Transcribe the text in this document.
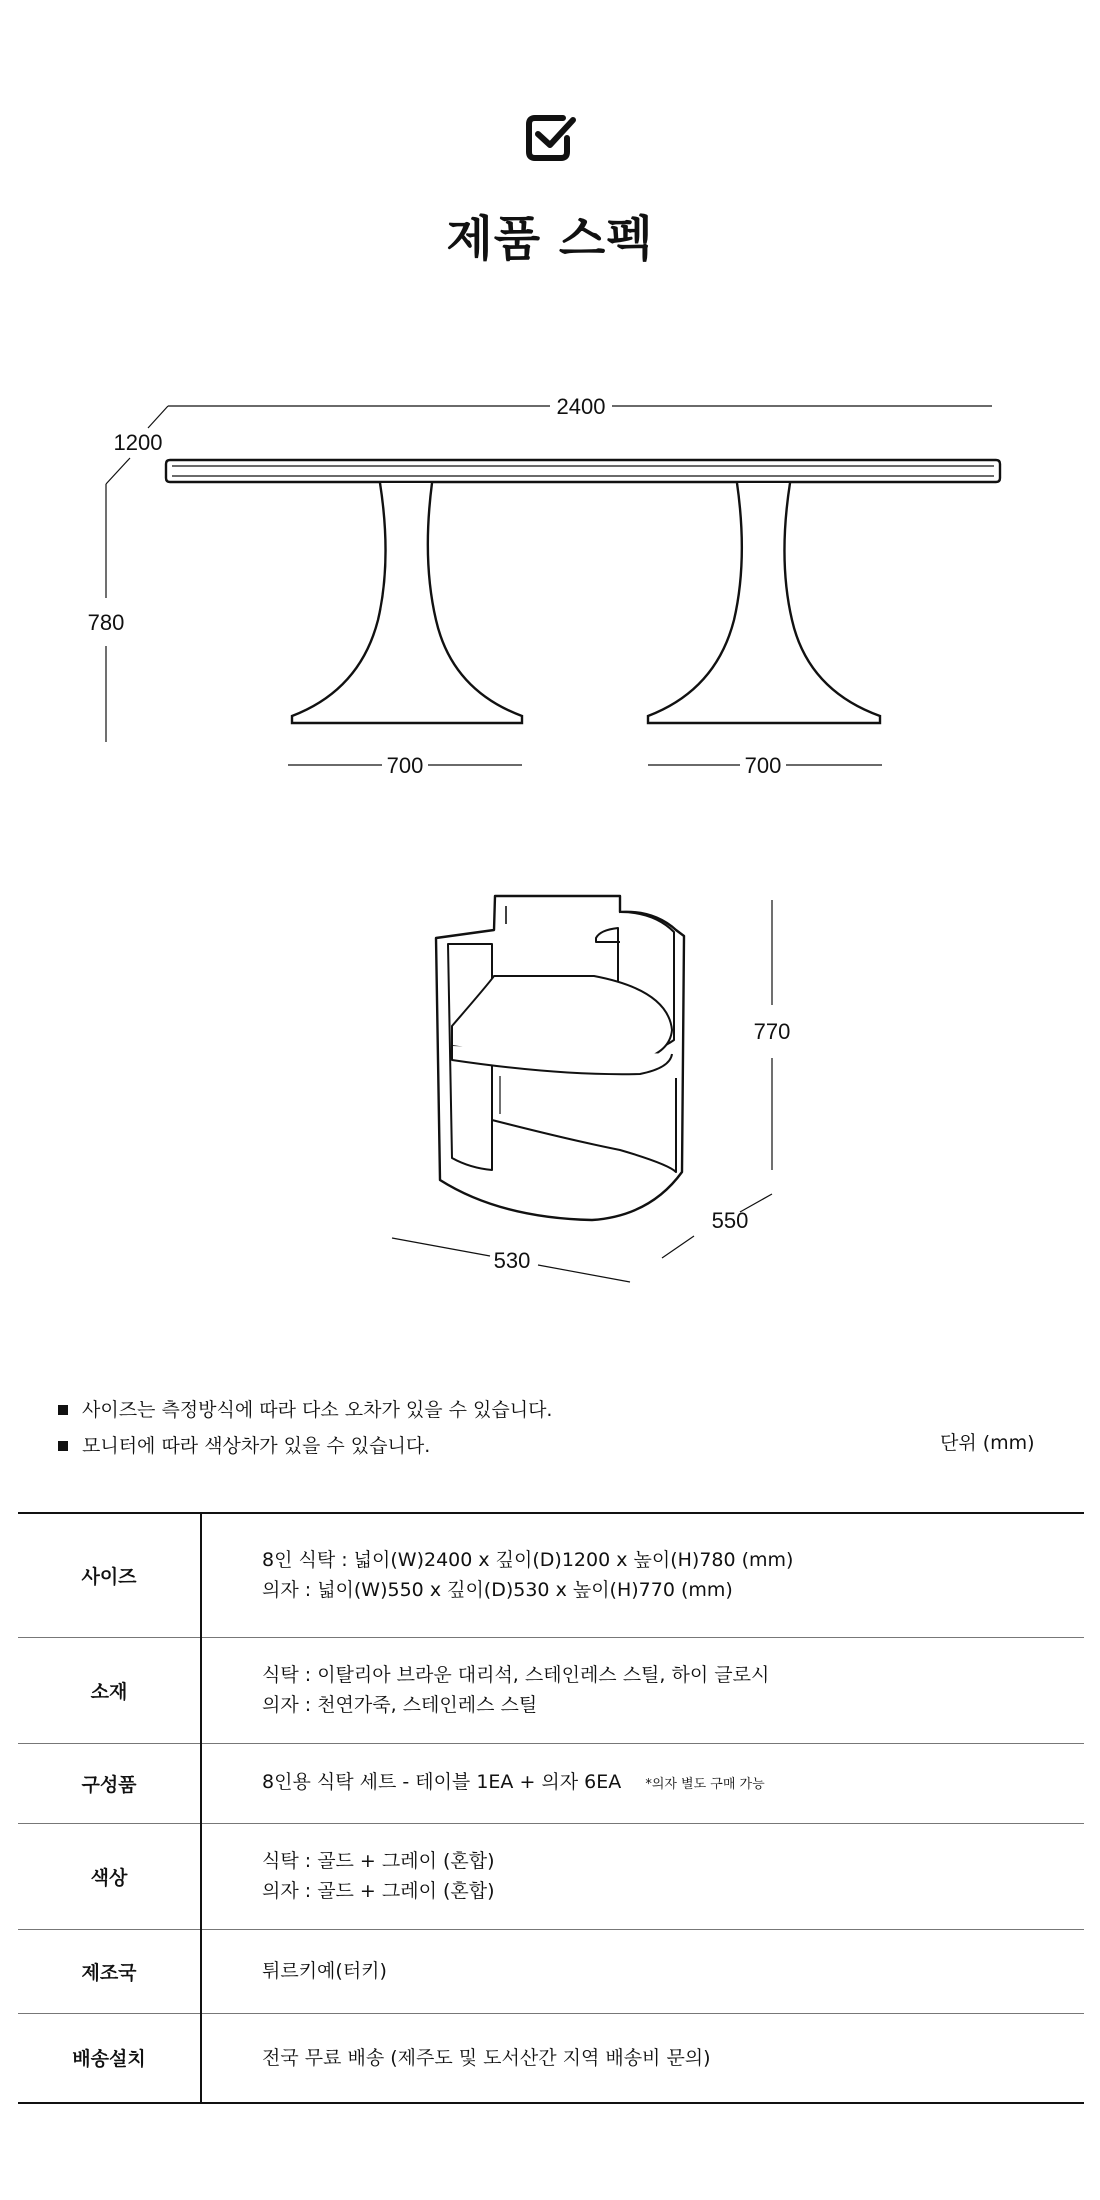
제품 스펙
2400
1200
780
700	700
770
550
530
사이즈는 측정방식에 따라 다소 오차가 있을 수 있습니다.
모니터에 따라 색상차가 있을 수 있습니다.	단위 (mm)
사이즈	8인 식탁 : 넓이(W)2400 x 깊이(D)1200 x 높이(H)780 (mm)
의자 : 넓이(W)550 x 깊이(D)530 x 높이(H)770 (mm)

소재	식탁 : 이탈리아 브라운 대리석, 스테인레스 스틸, 하이 글로시
의자 : 천연가죽, 스테인레스 스틸

구성품	8인용 식탁 세트 - 테이블 1EA + 의자 6EA *의자 별도 구매 가능
색상	식탁 : 골드 + 그레이 (혼합)
의자 : 골드 + 그레이 (혼합)

제조국	튀르키예(터키)

배송설치	전국 무료 배송 (제주도 및 도서산간 지역 배송비 문의)
